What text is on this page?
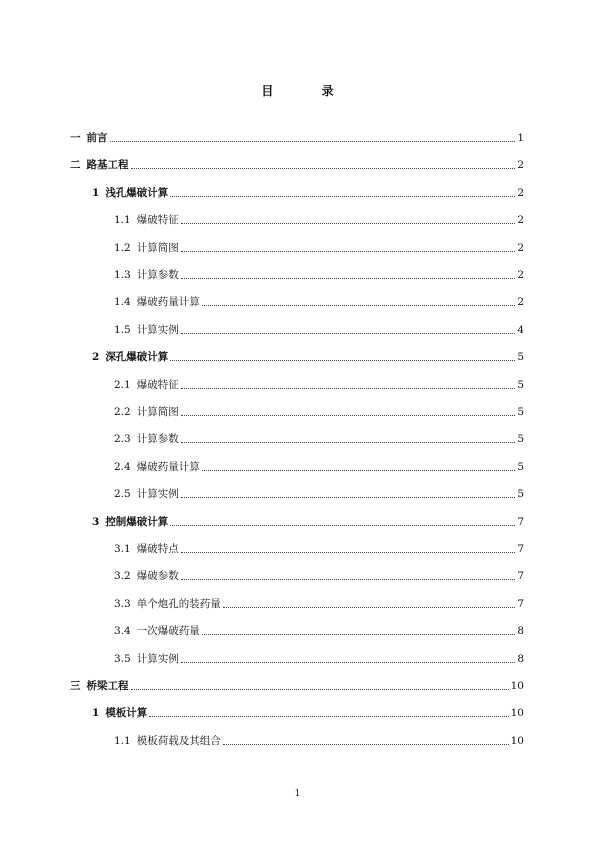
目 录
一 前言	1
二 路基工程	2
1 浅孔爆破计算	2
1.1 爆破特征	2
1.2 计算简图	2
1.3 计算参数	2
1.4 爆破药量计算	2
1.5 计算实例	4
2 深孔爆破计算	5
2.1 爆破特征	5
2.2 计算简图	5
2.3 计算参数	5
2.4 爆破药量计算	5
2.5 计算实例	5
3 控制爆破计算	7
3.1 爆破特点	7
3.2 爆破参数	7
3.3 单个炮孔的装药量	7
3.4 一次爆破药量	8
3.5 计算实例	8
三 桥梁工程	10
1 模板计算	10
1.1 模板荷载及其组合	10
1
